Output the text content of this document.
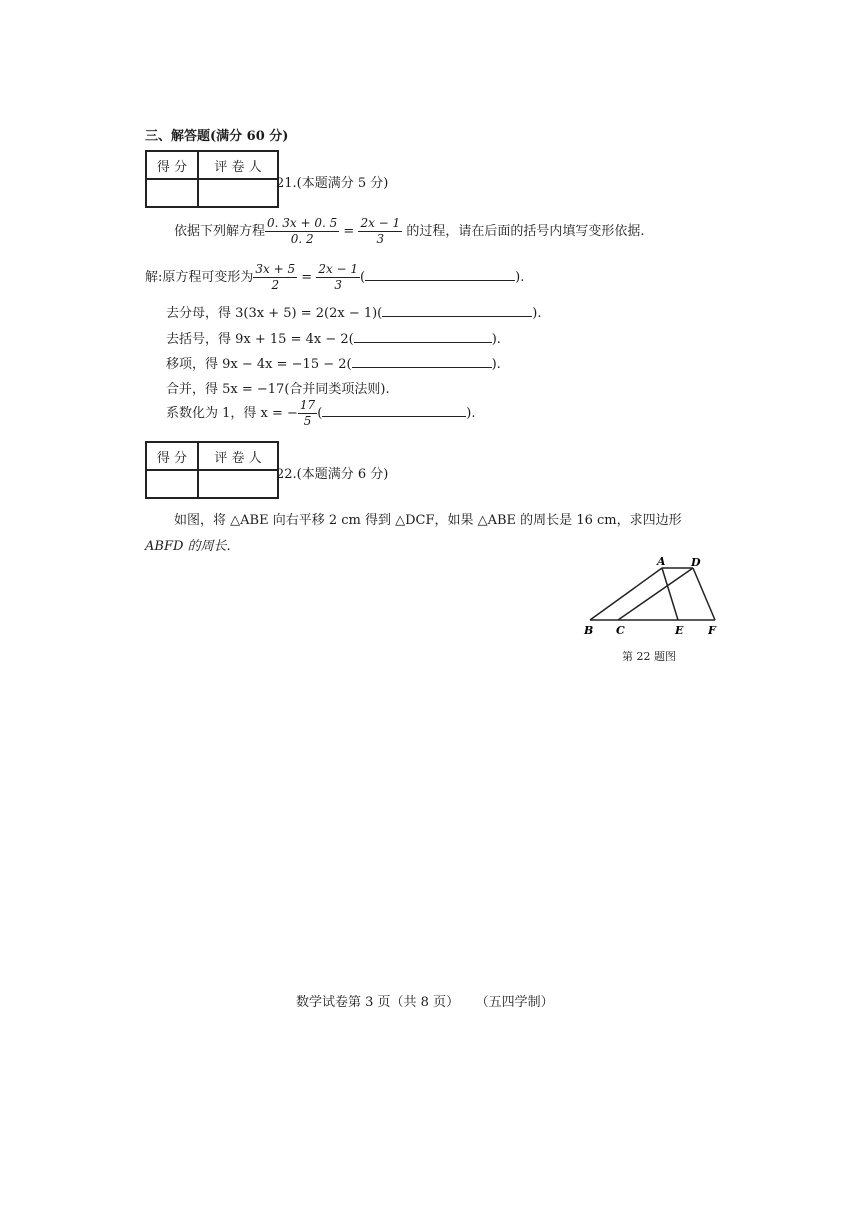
三、解答题(满分 60 分)
得 分	评 卷 人

21.(本题满分 5 分)
依据下列解方程 $\frac{0. 3x + 0. 5}{0. 2} = \frac{2x - 1}{3}$ 的过程，请在后面的括号内填写变形依据.
解:原方程可变形为 $\frac{3x + 5}{2} = \frac{2x - 1}{3}$ (	).
去分母，得 3(3x + 5) = 2(2x − 1)(	).
去括号，得 9x + 15 = 4x − 2(	).
移项，得 9x − 4x = −15 − 2(	).
合并，得 5x = −17(合并同类项法则).
系数化为 1，得 x = − $\frac{17}{5}$ (	).
得 分	评 卷 人

22.(本题满分 6 分)
如图，将 △ABE 向右平移 2 cm 得到 △DCF，如果 △ABE 的周长是 16 cm，求四边形
ABFD 的周长.
A D
B C	E F
第 22 题图
数学试卷第 3 页（共 8 页）    （五四学制）
